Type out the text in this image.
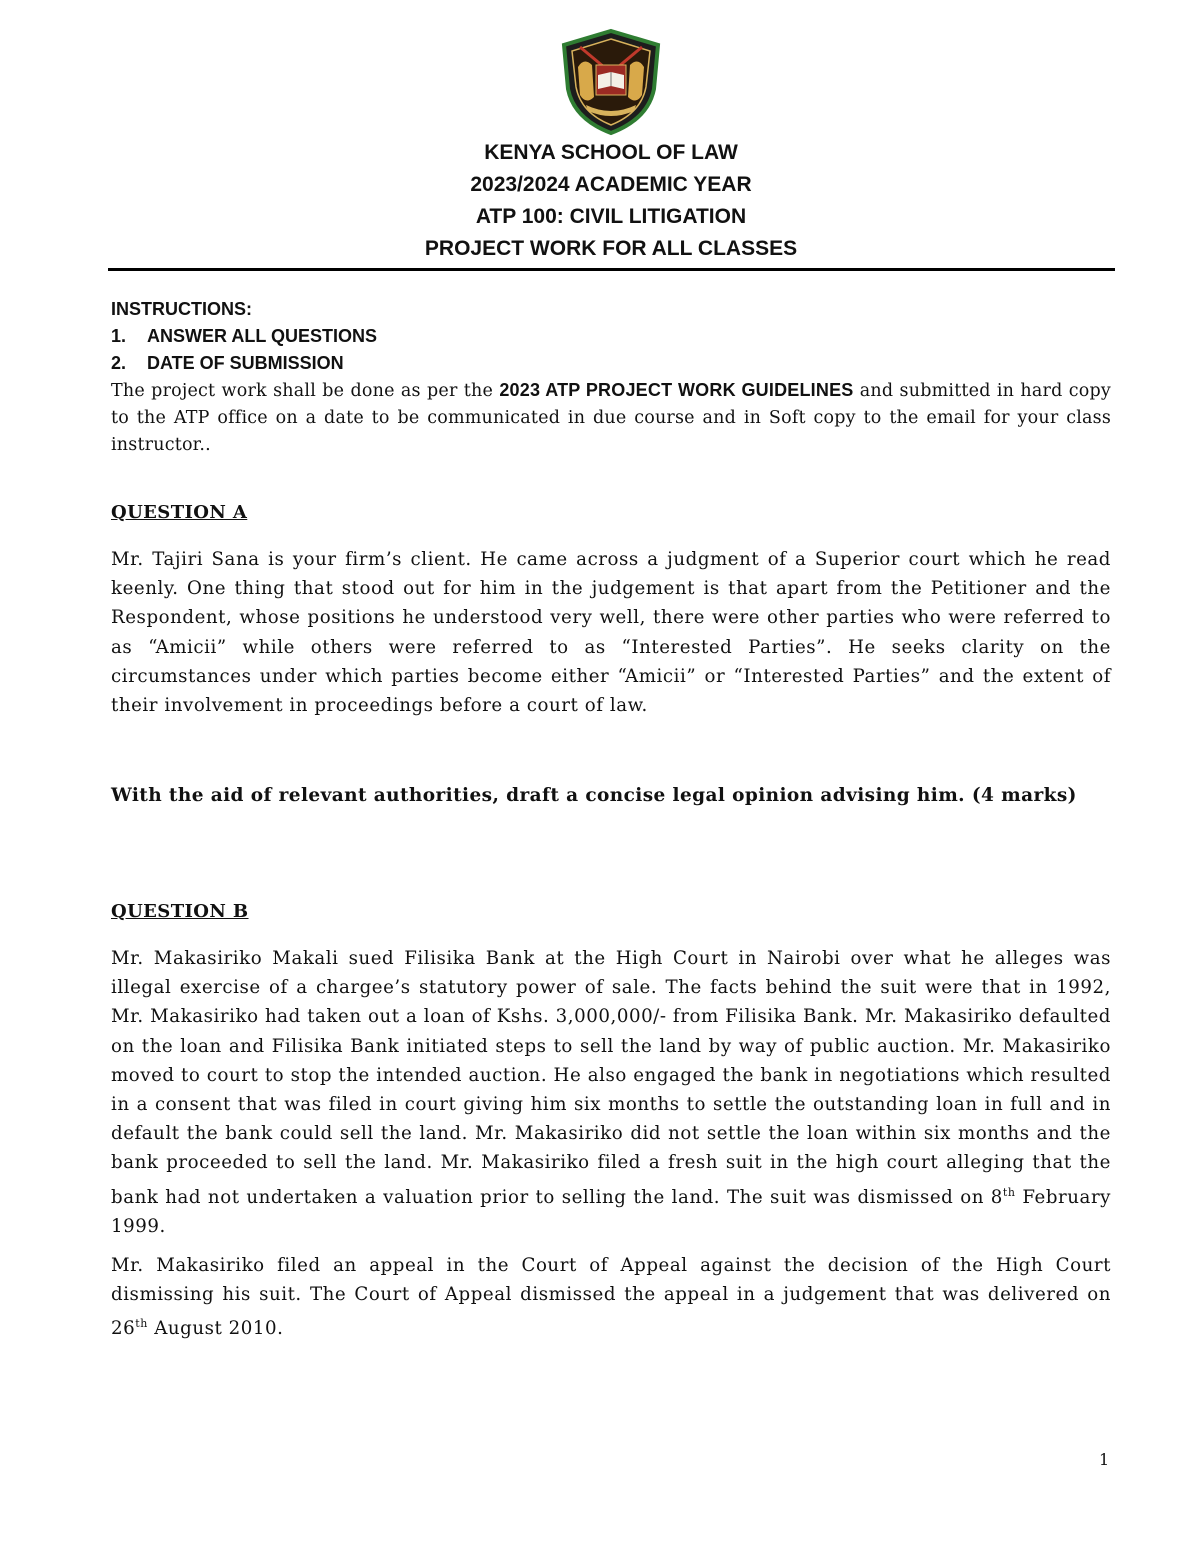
KENYA SCHOOL OF LAW
2023/2024 ACADEMIC YEAR
ATP 100: CIVIL LITIGATION
PROJECT WORK FOR ALL CLASSES
INSTRUCTIONS:
1.	ANSWER ALL QUESTIONS
2.	DATE OF SUBMISSION

The project work shall be done as per the 2023 ATP PROJECT WORK GUIDELINES and submitted in hard copy to the ATP office on a date to be communicated in due course and in Soft copy to the email for your class instructor..

QUESTION A

Mr. Tajiri Sana is your firm’s client. He came across a judgment of a Superior court which he read keenly. One thing that stood out for him in the judgement is that apart from the Petitioner and the Respondent, whose positions he understood very well, there were other parties who were referred to as “Amicii” while others were referred to as “Interested Parties”. He seeks clarity on the circumstances under which parties become either “Amicii” or “Interested Parties” and the extent of their involvement in proceedings before a court of law.

With the aid of relevant authorities, draft a concise legal opinion advising him. (4 marks)

QUESTION B

Mr. Makasiriko Makali sued Filisika Bank at the High Court in Nairobi over what he alleges was illegal exercise of a chargee’s statutory power of sale. The facts behind the suit were that in 1992, Mr. Makasiriko had taken out a loan of Kshs. 3,000,000/- from Filisika Bank. Mr. Makasiriko defaulted on the loan and Filisika Bank initiated steps to sell the land by way of public auction. Mr. Makasiriko moved to court to stop the intended auction. He also engaged the bank in negotiations which resulted in a consent that was filed in court giving him six months to settle the outstanding loan in full and in default the bank could sell the land. Mr. Makasiriko did not settle the loan within six months and the bank proceeded to sell the land. Mr. Makasiriko filed a fresh suit in the high court alleging that the bank had not undertaken a valuation prior to selling the land. The suit was dismissed on 8th February 1999.

Mr. Makasiriko filed an appeal in the Court of Appeal against the decision of the High Court dismissing his suit. The Court of Appeal dismissed the appeal in a judgement that was delivered on 26th August 2010.

1
